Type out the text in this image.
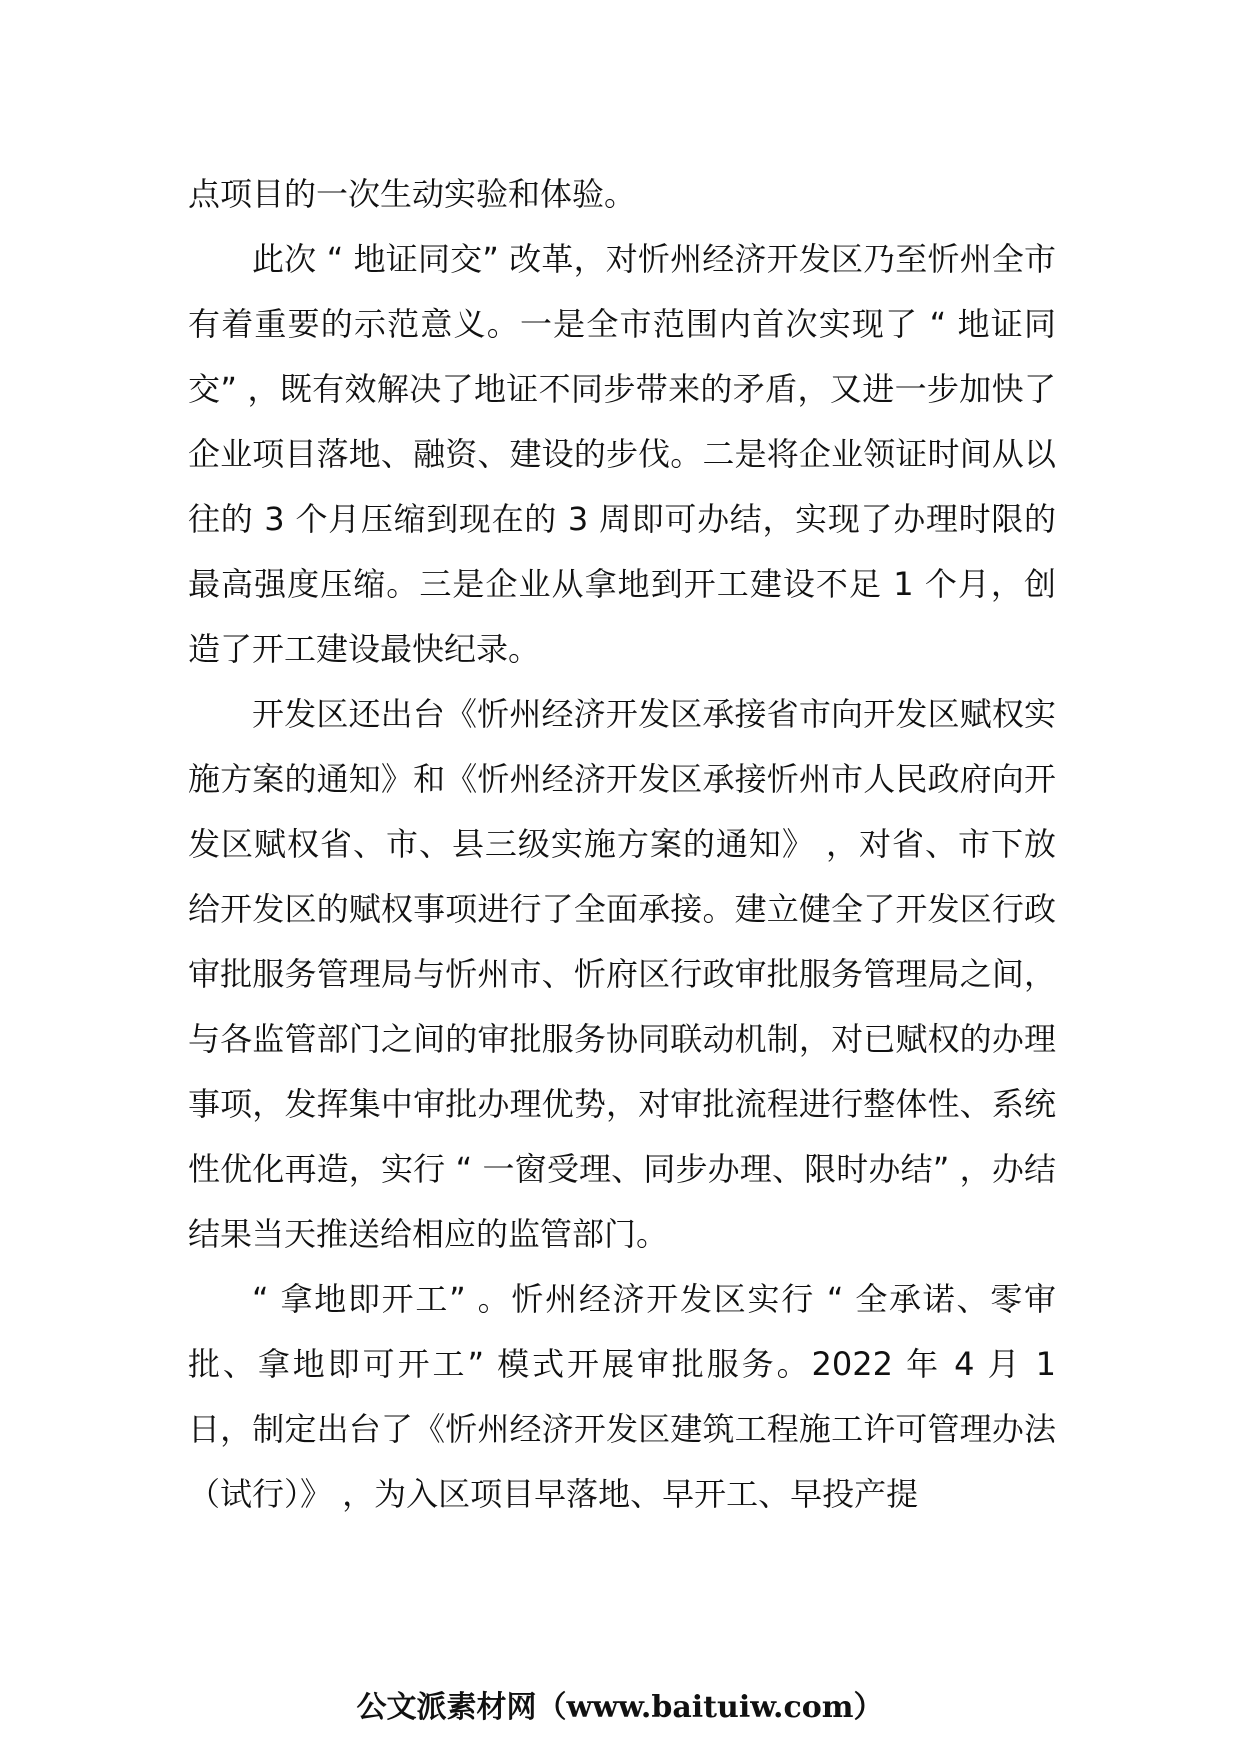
点项目的一次生动实验和体验。

此次 “ 地证同交” 改革，对忻州经济开发区乃至忻州全市有着重要的示范意义。一是全市范围内首次实现了 “ 地证同交” ，既有效解决了地证不同步带来的矛盾，又进一步加快了企业项目落地、融资、建设的步伐。二是将企业领证时间从以往的 3 个月压缩到现在的 3 周即可办结，实现了办理时限的最高强度压缩。三是企业从拿地到开工建设不足 1 个月，创造了开工建设最快纪录。

开发区还出台《忻州经济开发区承接省市向开发区赋权实施方案的通知》和《忻州经济开发区承接忻州市人民政府向开发区赋权省、市、县三级实施方案的通知》 ，对省、市下放给开发区的赋权事项进行了全面承接。建立健全了开发区行政审批服务管理局与忻州市、忻府区行政审批服务管理局之间，与各监管部门之间的审批服务协同联动机制，对已赋权的办理事项，发挥集中审批办理优势，对审批流程进行整体性、系统性优化再造，实行 “ 一窗受理、同步办理、限时办结” ，办结结果当天推送给相应的监管部门。

“ 拿地即开工” 。忻州经济开发区实行 “ 全承诺、零审批、拿地即可开工” 模式开展审批服务。2022 年 4 月 1 日，制定出台了《忻州经济开发区建筑工程施工许可管理办法（试行）》 ，为入区项目早落地、早开工、早投产提

公文派素材网（www.baituiw.com）
